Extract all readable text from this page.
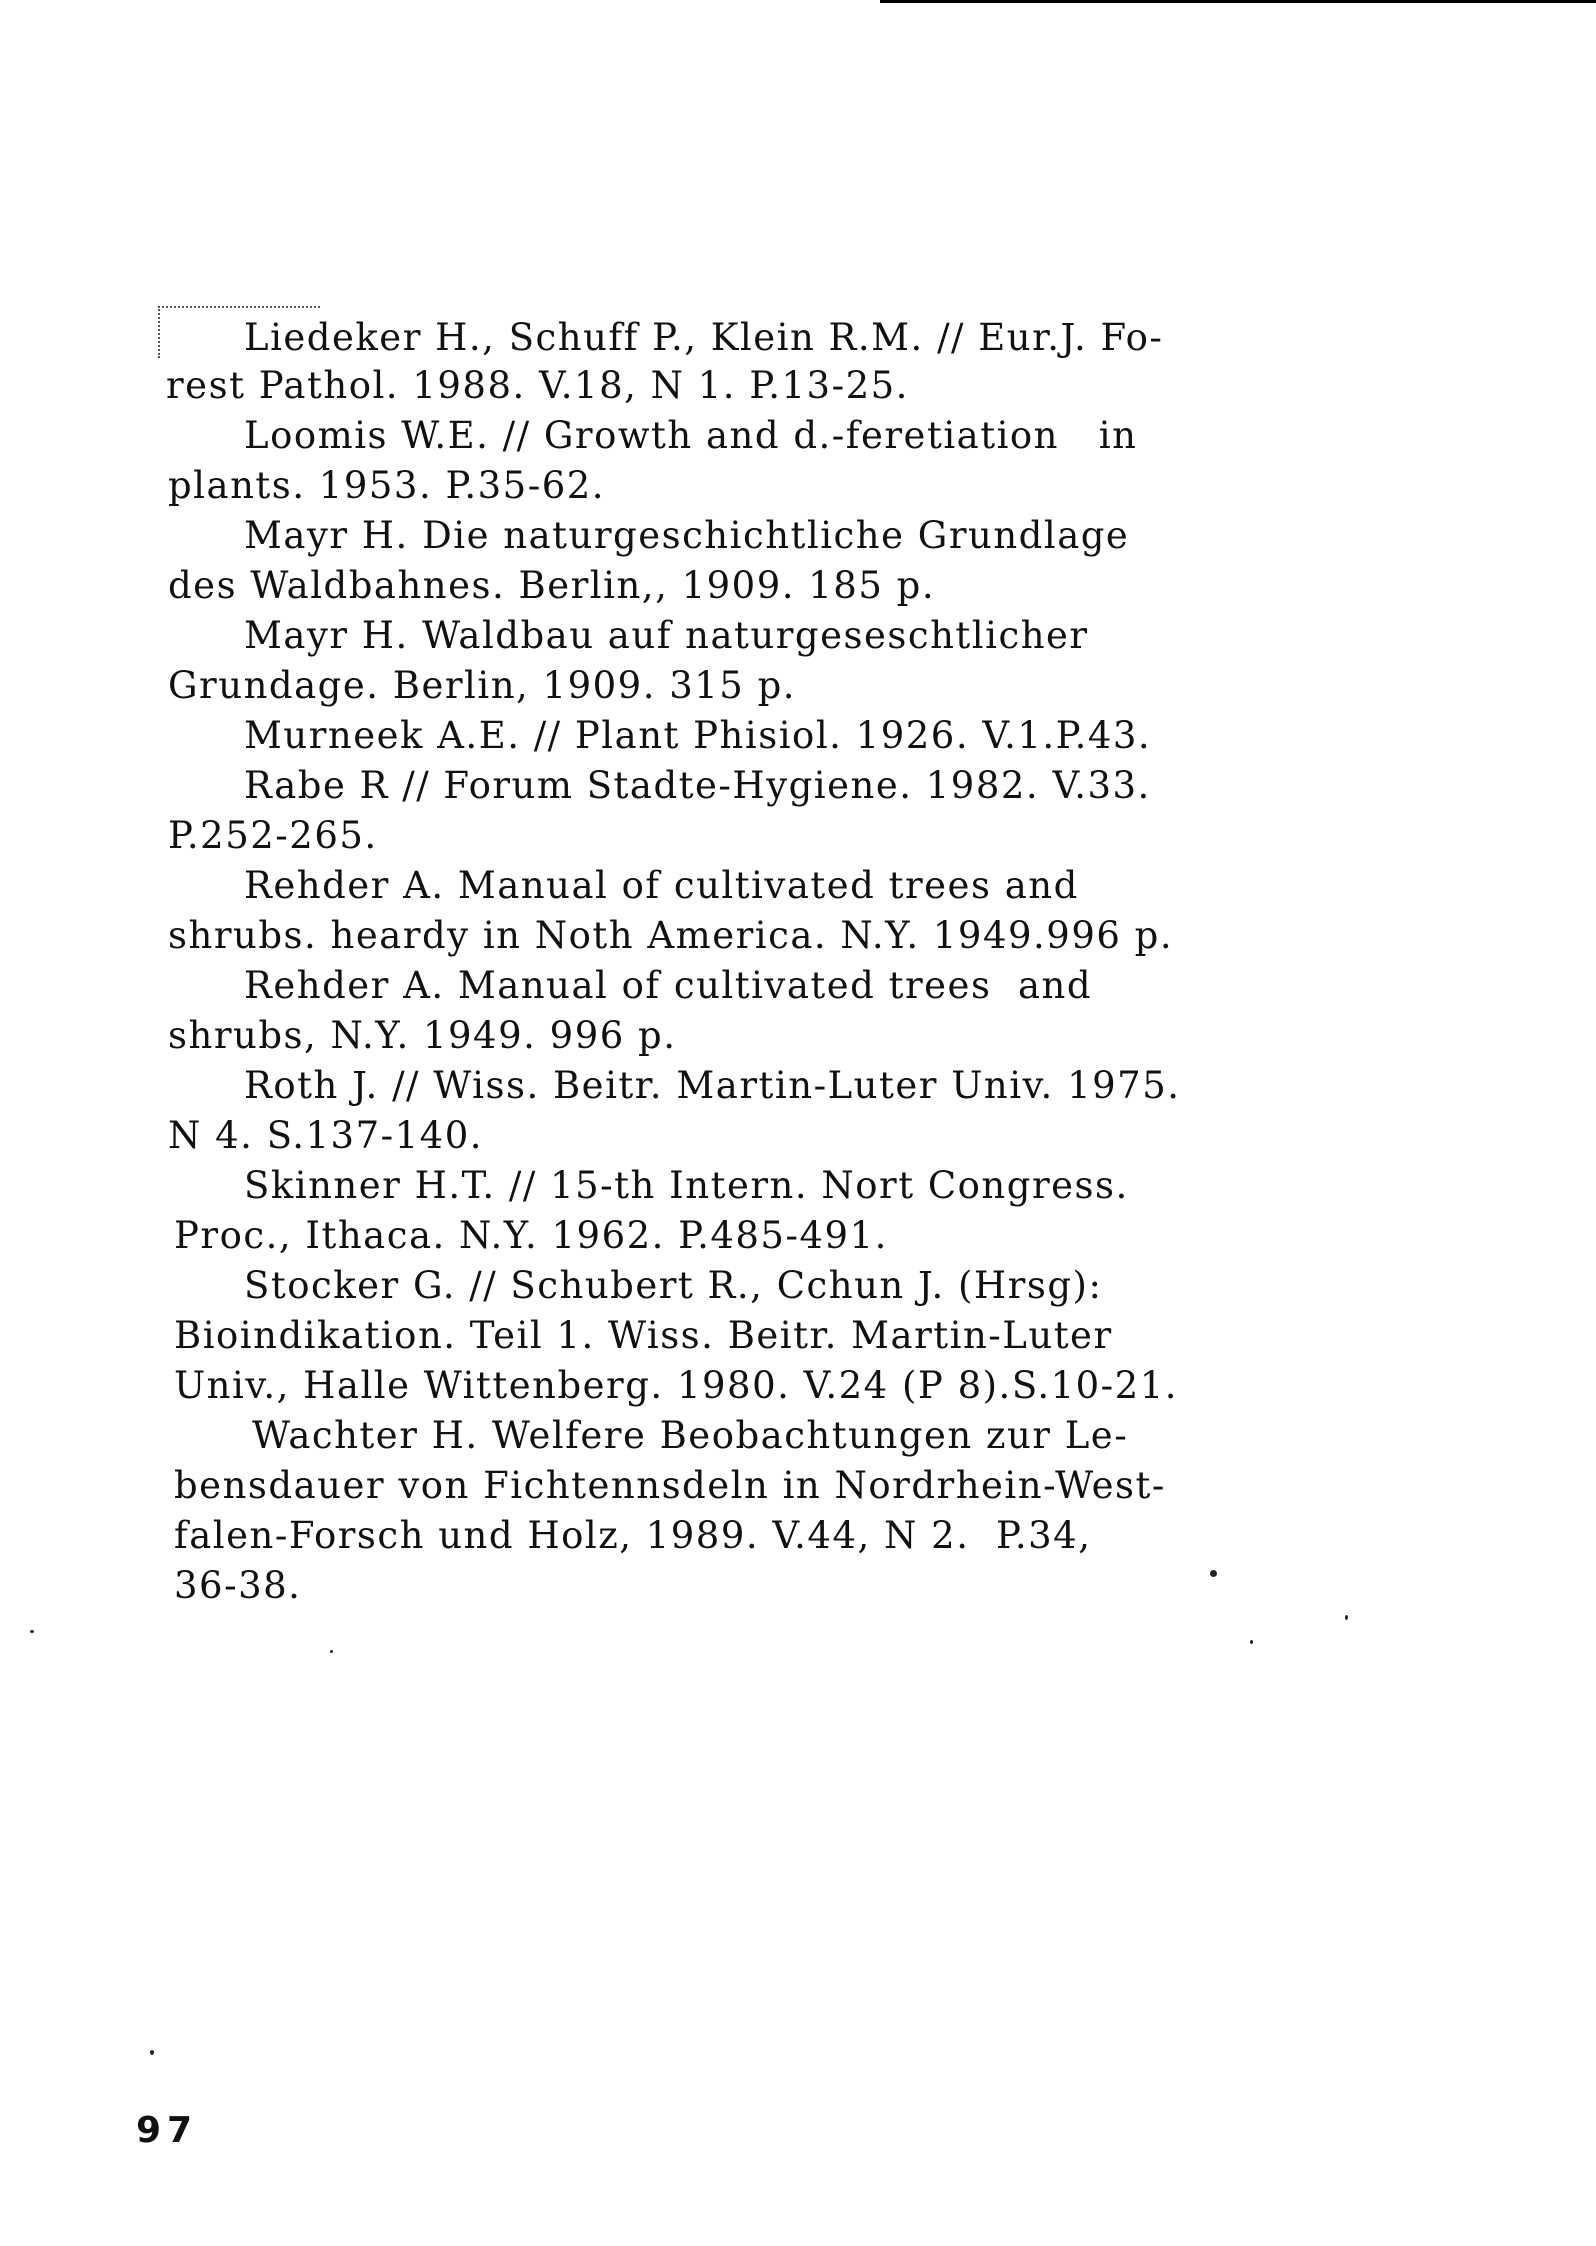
Liedeker H., Schuff P., Klein R.M. // Eur.J. Fo-
rest Pathol. 1988. V.18, N 1. P.13-25.
Loomis W.E. // Growth and d.-feretiation   in
plants. 1953. P.35-62.
Mayr H. Die naturgeschichtliche Grundlage
des Waldbahnes. Berlin,, 1909. 185 p.
Mayr H. Waldbau auf naturgeseschtlicher
Grundage. Berlin, 1909. 315 p.
Murneek A.E. // Plant Phisiol. 1926. V.1.P.43.
Rabe R // Forum Stadte-Hygiene. 1982. V.33.
P.252-265.
Rehder A. Manual of cultivated trees and
shrubs. heardy in Noth America. N.Y. 1949.996 p.
Rehder A. Manual of cultivated trees  and
shrubs, N.Y. 1949. 996 p.
Roth J. // Wiss. Beitr. Martin-Luter Univ. 1975.
N 4. S.137-140.
Skinner H.T. // 15-th Intern. Nort Congress.
Proc., Ithaca. N.Y. 1962. P.485-491.
Stocker G. // Schubert R., Cchun J. (Hrsg):
Bioindikation. Teil 1. Wiss. Beitr. Martin-Luter
Univ., Halle Wittenberg. 1980. V.24 (P 8).S.10-21.
Wachter H. Welfere Beobachtungen zur Le-
bensdauer von Fichtennsdeln in Nordrhein-West-
falen-Forsch und Holz, 1989. V.44, N 2.  P.34,
36-38.
97
